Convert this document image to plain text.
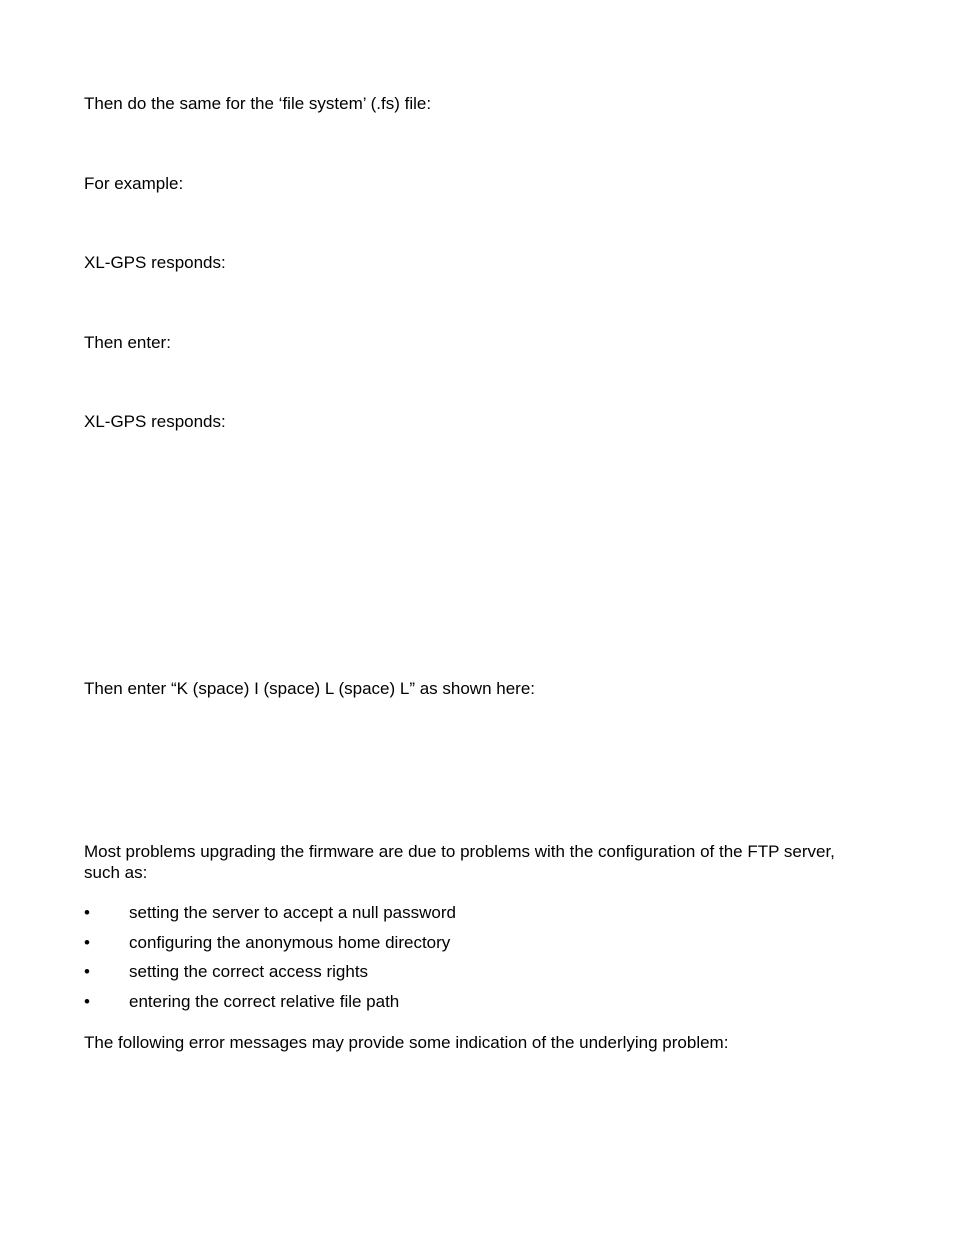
Then do the same for the ‘file system’ (.fs) file:

For example:

XL-GPS responds:

Then enter:

XL-GPS responds:

Then enter “K (space) I (space) L (space) L” as shown here:

Most problems upgrading the firmware are due to problems with the configuration of the FTP server, such as:

• setting the server to accept a null password
• configuring the anonymous home directory
• setting the correct access rights
• entering the correct relative file path

The following error messages may provide some indication of the underlying problem:
